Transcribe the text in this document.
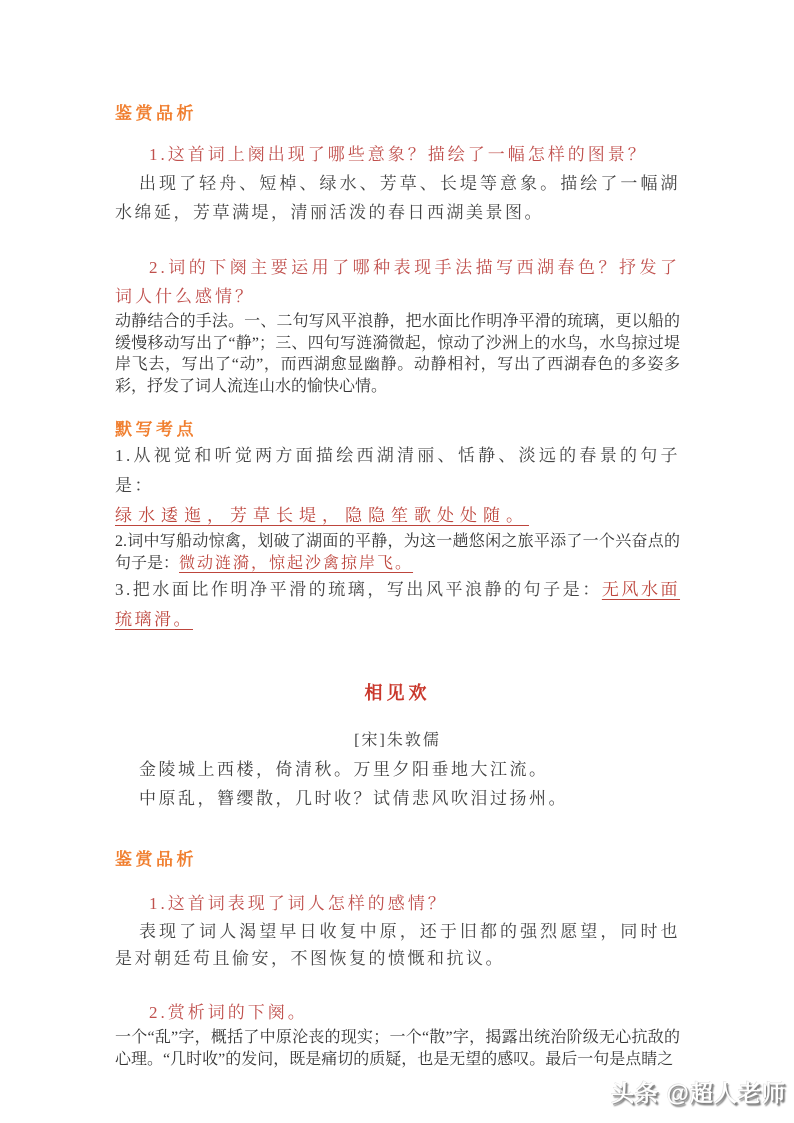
鉴赏品析

1.这首词上阕出现了哪些意象？描绘了一幅怎样的图景？

出现了轻舟、短棹、绿水、芳草、长堤等意象。描绘了一幅湖水绵延，芳草满堤，清丽活泼的春日西湖美景图。

2.词的下阕主要运用了哪种表现手法描写西湖春色？抒发了词人什么感情？

动静结合的手法。一、二句写风平浪静，把水面比作明净平滑的琉璃，更以船的缓慢移动写出了“静”；三、四句写涟漪微起，惊动了沙洲上的水鸟，水鸟掠过堤岸飞去，写出了“动”，而西湖愈显幽静。动静相衬，写出了西湖春色的多姿多彩，抒发了词人流连山水的愉快心情。

默写考点

1.从视觉和听觉两方面描绘西湖清丽、恬静、淡远的春景的句子是：

绿水逶迤，芳草长堤，隐隐笙歌处处随。

2.词中写船动惊禽，划破了湖面的平静，为这一趟悠闲之旅平添了一个兴奋点的句子是：微动涟漪，惊起沙禽掠岸飞。

3.把水面比作明净平滑的琉璃，写出风平浪静的句子是：无风水面琉璃滑。

相见欢

[宋]朱敦儒

金陵城上西楼，倚清秋。万里夕阳垂地大江流。

中原乱，簪缨散，几时收？试倩悲风吹泪过扬州。

鉴赏品析

1.这首词表现了词人怎样的感情？

表现了词人渴望早日收复中原，还于旧都的强烈愿望，同时也是对朝廷苟且偷安，不图恢复的愤慨和抗议。

2.赏析词的下阕。

一个“乱”字，概括了中原沦丧的现实；一个“散”字，揭露出统治阶级无心抗敌的心理。“几时收”的发问，既是痛切的质疑，也是无望的感叹。最后一句是点睛之

头条 @超人老师
